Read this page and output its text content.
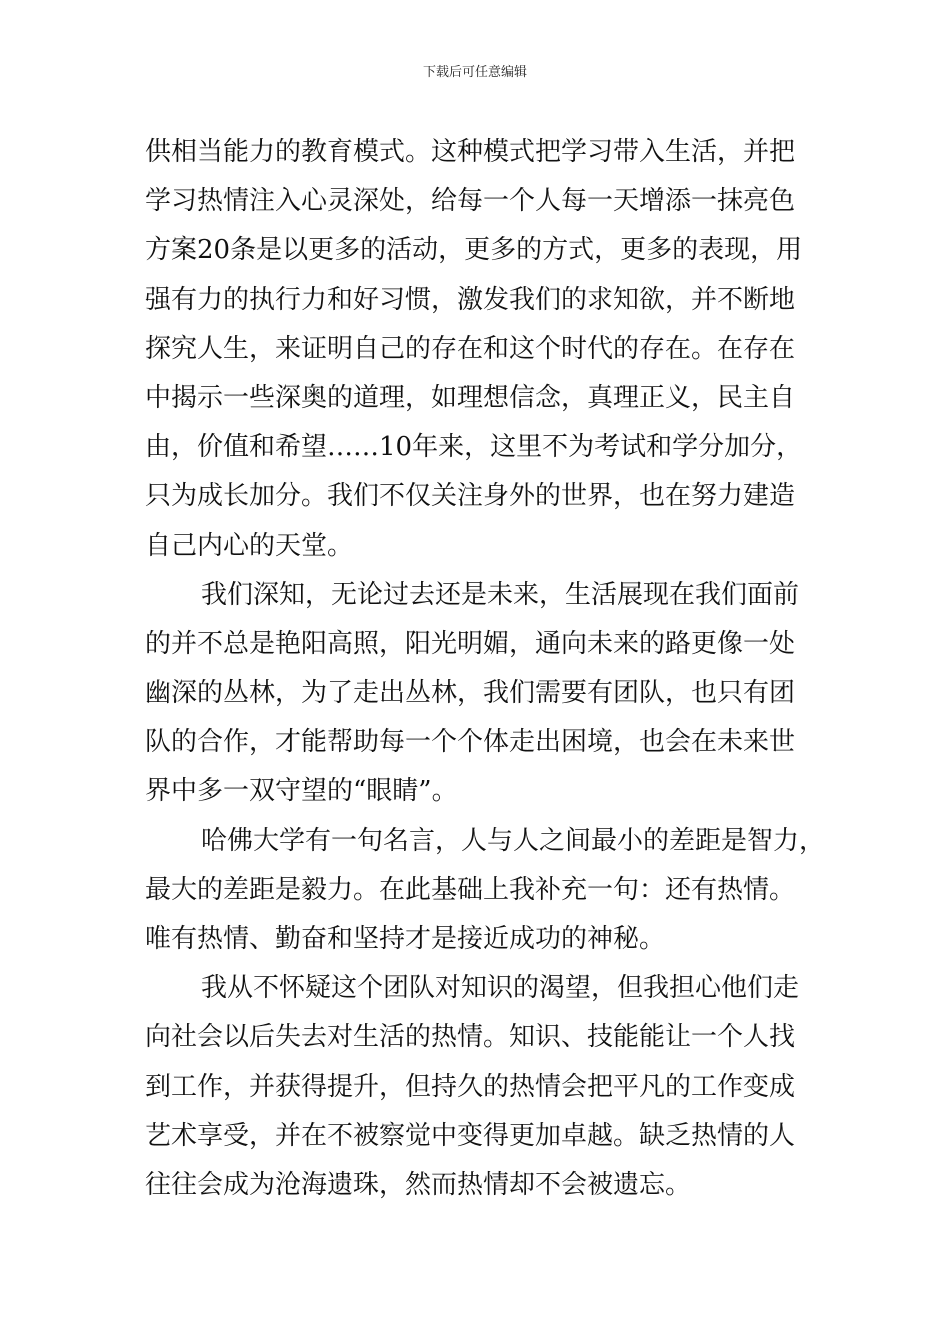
下载后可任意编辑
供相当能力的教育模式。这种模式把学习带入生活，并把
学习热情注入心灵深处，给每一个人每一天增添一抹亮色
方案20条是以更多的活动，更多的方式，更多的表现，用
强有力的执行力和好习惯，激发我们的求知欲，并不断地
探究人生，来证明自己的存在和这个时代的存在。在存在
中揭示一些深奥的道理，如理想信念，真理正义，民主自
由，价值和希望……10年来，这里不为考试和学分加分，
只为成长加分。我们不仅关注身外的世界，也在努力建造
自己内心的天堂。
我们深知，无论过去还是未来，生活展现在我们面前
的并不总是艳阳高照，阳光明媚，通向未来的路更像一处
幽深的丛林，为了走出丛林，我们需要有团队，也只有团
队的合作，才能帮助每一个个体走出困境，也会在未来世
界中多一双守望的“眼睛”。
哈佛大学有一句名言，人与人之间最小的差距是智力，
最大的差距是毅力。在此基础上我补充一句：还有热情。
唯有热情、勤奋和坚持才是接近成功的神秘。
我从不怀疑这个团队对知识的渴望，但我担心他们走
向社会以后失去对生活的热情。知识、技能能让一个人找
到工作，并获得提升，但持久的热情会把平凡的工作变成
艺术享受，并在不被察觉中变得更加卓越。缺乏热情的人
往往会成为沧海遗珠，然而热情却不会被遗忘。
